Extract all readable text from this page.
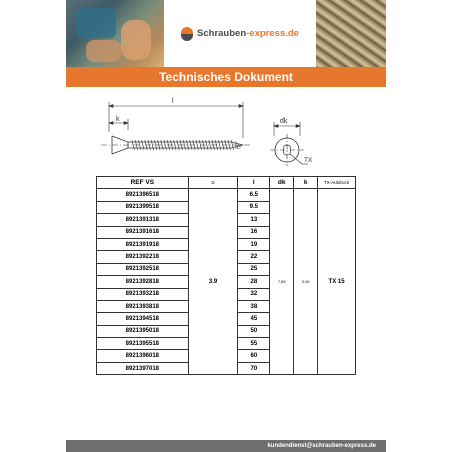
Schrauben-express.de
Technisches Dokument
D
l
k	dk
TX
REF VS	D	l	dk	k	TX-Aufdruck
8921396518	3.9	6.5	7,65	3,40	TX 15
8921399518		9.5			
8921391318		13			
8921391618		16			
8921391918		19			
8921392218		22			
8921392518		25			
8921392818		28			
8921393218		32			
8921393818		38			
8921394518		45			
8921395018		50			
8921395518		55			
8921396018		60			
8921397018		70			
kundendienst@schrauben-express.de
